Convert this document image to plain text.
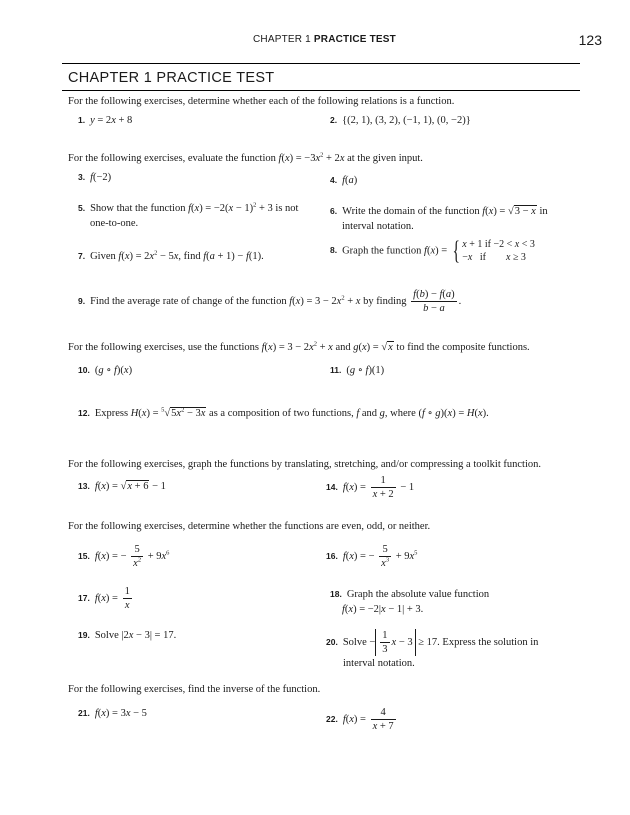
CHAPTER 1 PRACTICE TEST	123
CHAPTER 1 PRACTICE TEST
For the following exercises, determine whether each of the following relations is a function.
1. y = 2x + 8	2. {(2, 1), (3, 2), (−1, 1), (0, −2)}
For the following exercises, evaluate the function $f(x) = -3x^2 + 2x$ at the given input.
3. f(−2)	4. f(a)
5. Show that the function $f(x) = -2(x - 1)^2 + 3$ is not
one-to-one.
6. Write the domain of the function f(x) = √3 − x in
interval notation.
7. Given $f(x) = 2x^2 - 5x$, find f(a + 1) − f(1).
8. Graph the function f(x) = { x + 1 if −2 < x < 3
−x if x ≥ 3
9. Find the average rate of change of the function $f(x) = 3 - 2x^2 + x$ by finding $\frac{f(b) - f(a)}{b - a}$ .
For the following exercises, use the functions $f(x) = 3 - 2x^2 + x$ and g(x) = √x to find the composite functions.
10. (g ∘ f)(x)	11. (g ∘ f)(1)
12. Express $H(x) = ^5√5x^2 - 3x$ as a composition of two functions, f and g, where (f ∘ g)(x) = H(x).
For the following exercises, graph the functions by translating, stretching, and/or compressing a toolkit function.
13. f(x) = √x + 6 − 1	14. $f(x) = \frac{1}{x + 2} - 1$
For the following exercises, determine whether the functions are even, odd, or neither.
15. f(x) = − $\frac{5}{x^2} + 9x^6$	16. f(x) = − $\frac{5}{x^3} + 9x^5$
17. $f(x) = \frac{1}{x}$	18. Graph the absolute value function
f(x) = −2|x − 1| + 3.
19. Solve |2x − 3| = 17.
20. Solve − $\frac{1}{3}$ x − 3 ≥ 17. Express the solution in
interval notation.
For the following exercises, find the inverse of the function.
21. f(x) = 3x − 5	22. $f(x) = \frac{4}{x + 7}$
